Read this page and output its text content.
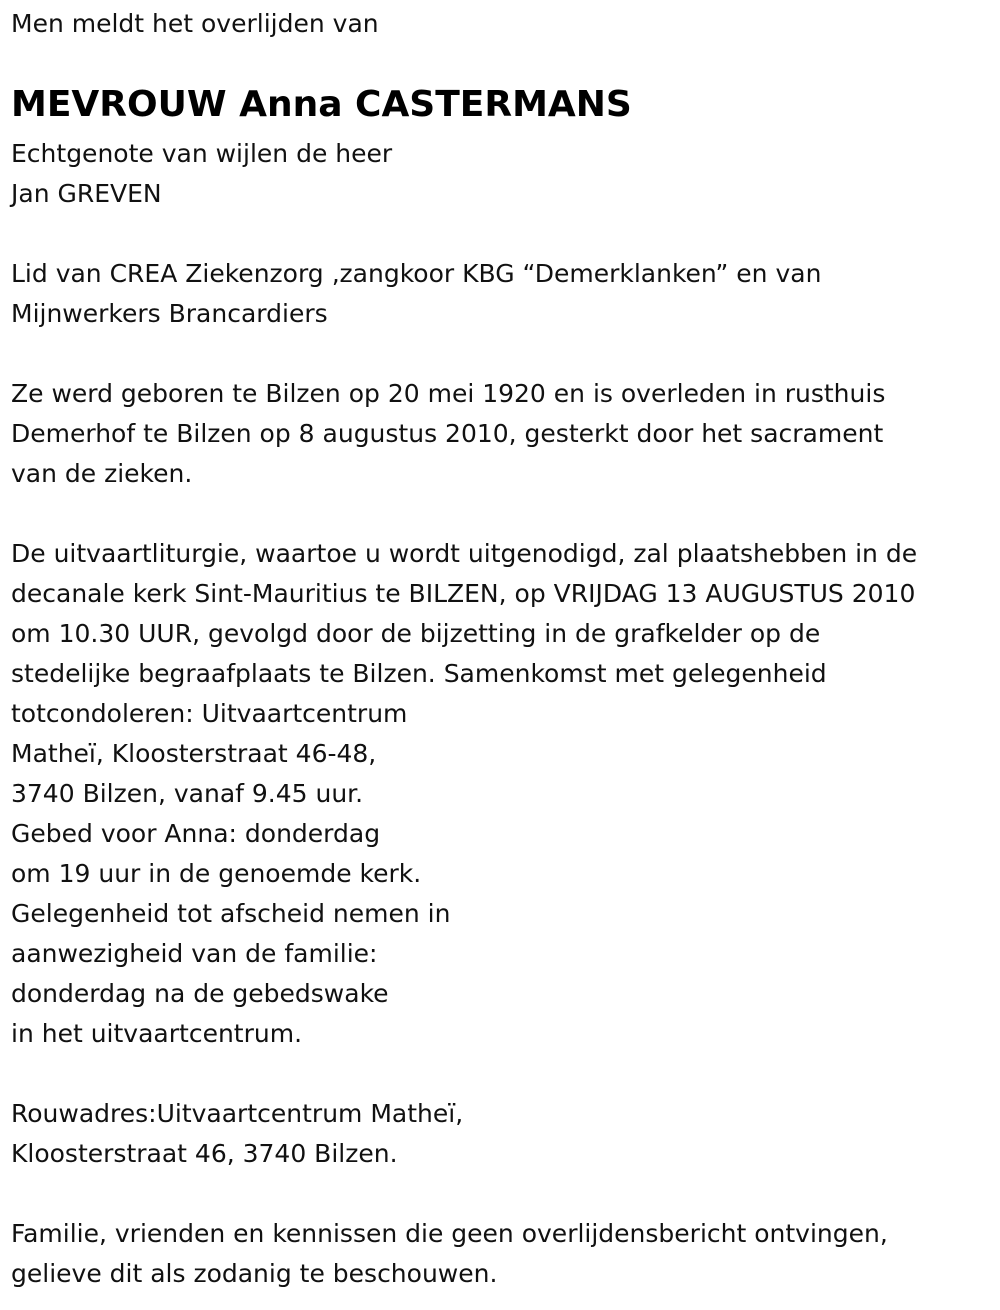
Men meldt het overlijden van
MEVROUW Anna CASTERMANS
Echtgenote van wijlen de heer
Jan GREVEN
Lid van CREA Ziekenzorg ‚zangkoor KBG “Demerklanken” en van
Mijnwerkers Brancardiers
Ze werd geboren te Bilzen op 20 mei 1920 en is overleden in rusthuis
Demerhof te Bilzen op 8 augustus 2010, gesterkt door het sacrament
van de zieken.
De uitvaartliturgie, waartoe u wordt uitgenodigd, zal plaatshebben in de
decanale kerk Sint-Mauritius te BILZEN, op VRIJDAG 13 AUGUSTUS 2010
om 10.30 UUR, gevolgd door de bijzetting in de grafkelder op de
stedelijke begraafplaats te Bilzen. Samenkomst met gelegenheid
totcondoleren: Uitvaartcentrum
Matheï, Kloosterstraat 46-48,
3740 Bilzen, vanaf 9.45 uur.
Gebed voor Anna: donderdag
om 19 uur in de genoemde kerk.
Gelegenheid tot afscheid nemen in
aanwezigheid van de familie:
donderdag na de gebedswake
in het uitvaartcentrum.
Rouwadres:Uitvaartcentrum Matheï,
Kloosterstraat 46, 3740 Bilzen.
Familie, vrienden en kennissen die geen overlijdensbericht ontvingen,
gelieve dit als zodanig te beschouwen.
